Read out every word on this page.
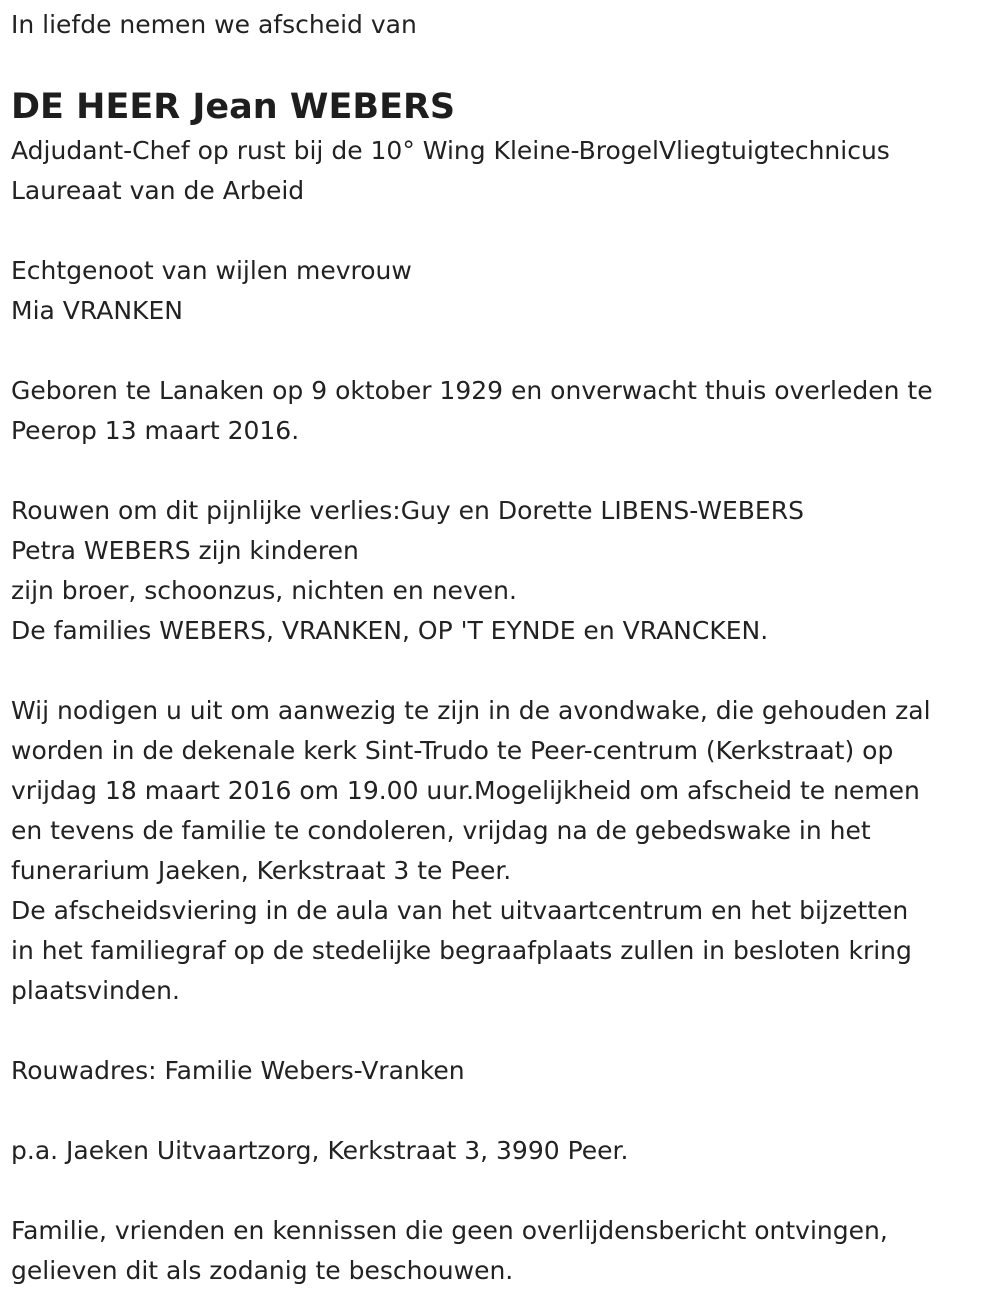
In liefde nemen we afscheid van

DE HEER Jean WEBERS

Adjudant-Chef op rust bij de 10° Wing Kleine-BrogelVliegtuigtechnicus

Laureaat van de Arbeid

Echtgenoot van wijlen mevrouw

Mia VRANKEN

Geboren te Lanaken op 9 oktober 1929 en onverwacht thuis overleden te

Peerop 13 maart 2016.

Rouwen om dit pijnlijke verlies:Guy en Dorette LIBENS-WEBERS

Petra WEBERS zijn kinderen

zijn broer, schoonzus, nichten en neven.

De families WEBERS, VRANKEN, OP 'T EYNDE en VRANCKEN.

Wij nodigen u uit om aanwezig te zijn in de avondwake, die gehouden zal

worden in de dekenale kerk Sint-Trudo te Peer-centrum (Kerkstraat) op

vrijdag 18 maart 2016 om 19.00 uur.Mogelijkheid om afscheid te nemen

en tevens de familie te condoleren, vrijdag na de gebedswake in het

funerarium Jaeken, Kerkstraat 3 te Peer.

De afscheidsviering in de aula van het uitvaartcentrum en het bijzetten

in het familiegraf op de stedelijke begraafplaats zullen in besloten kring

plaatsvinden.

Rouwadres: Familie Webers-Vranken

p.a. Jaeken Uitvaartzorg, Kerkstraat 3, 3990 Peer.

Familie, vrienden en kennissen die geen overlijdensbericht ontvingen,

gelieven dit als zodanig te beschouwen.
